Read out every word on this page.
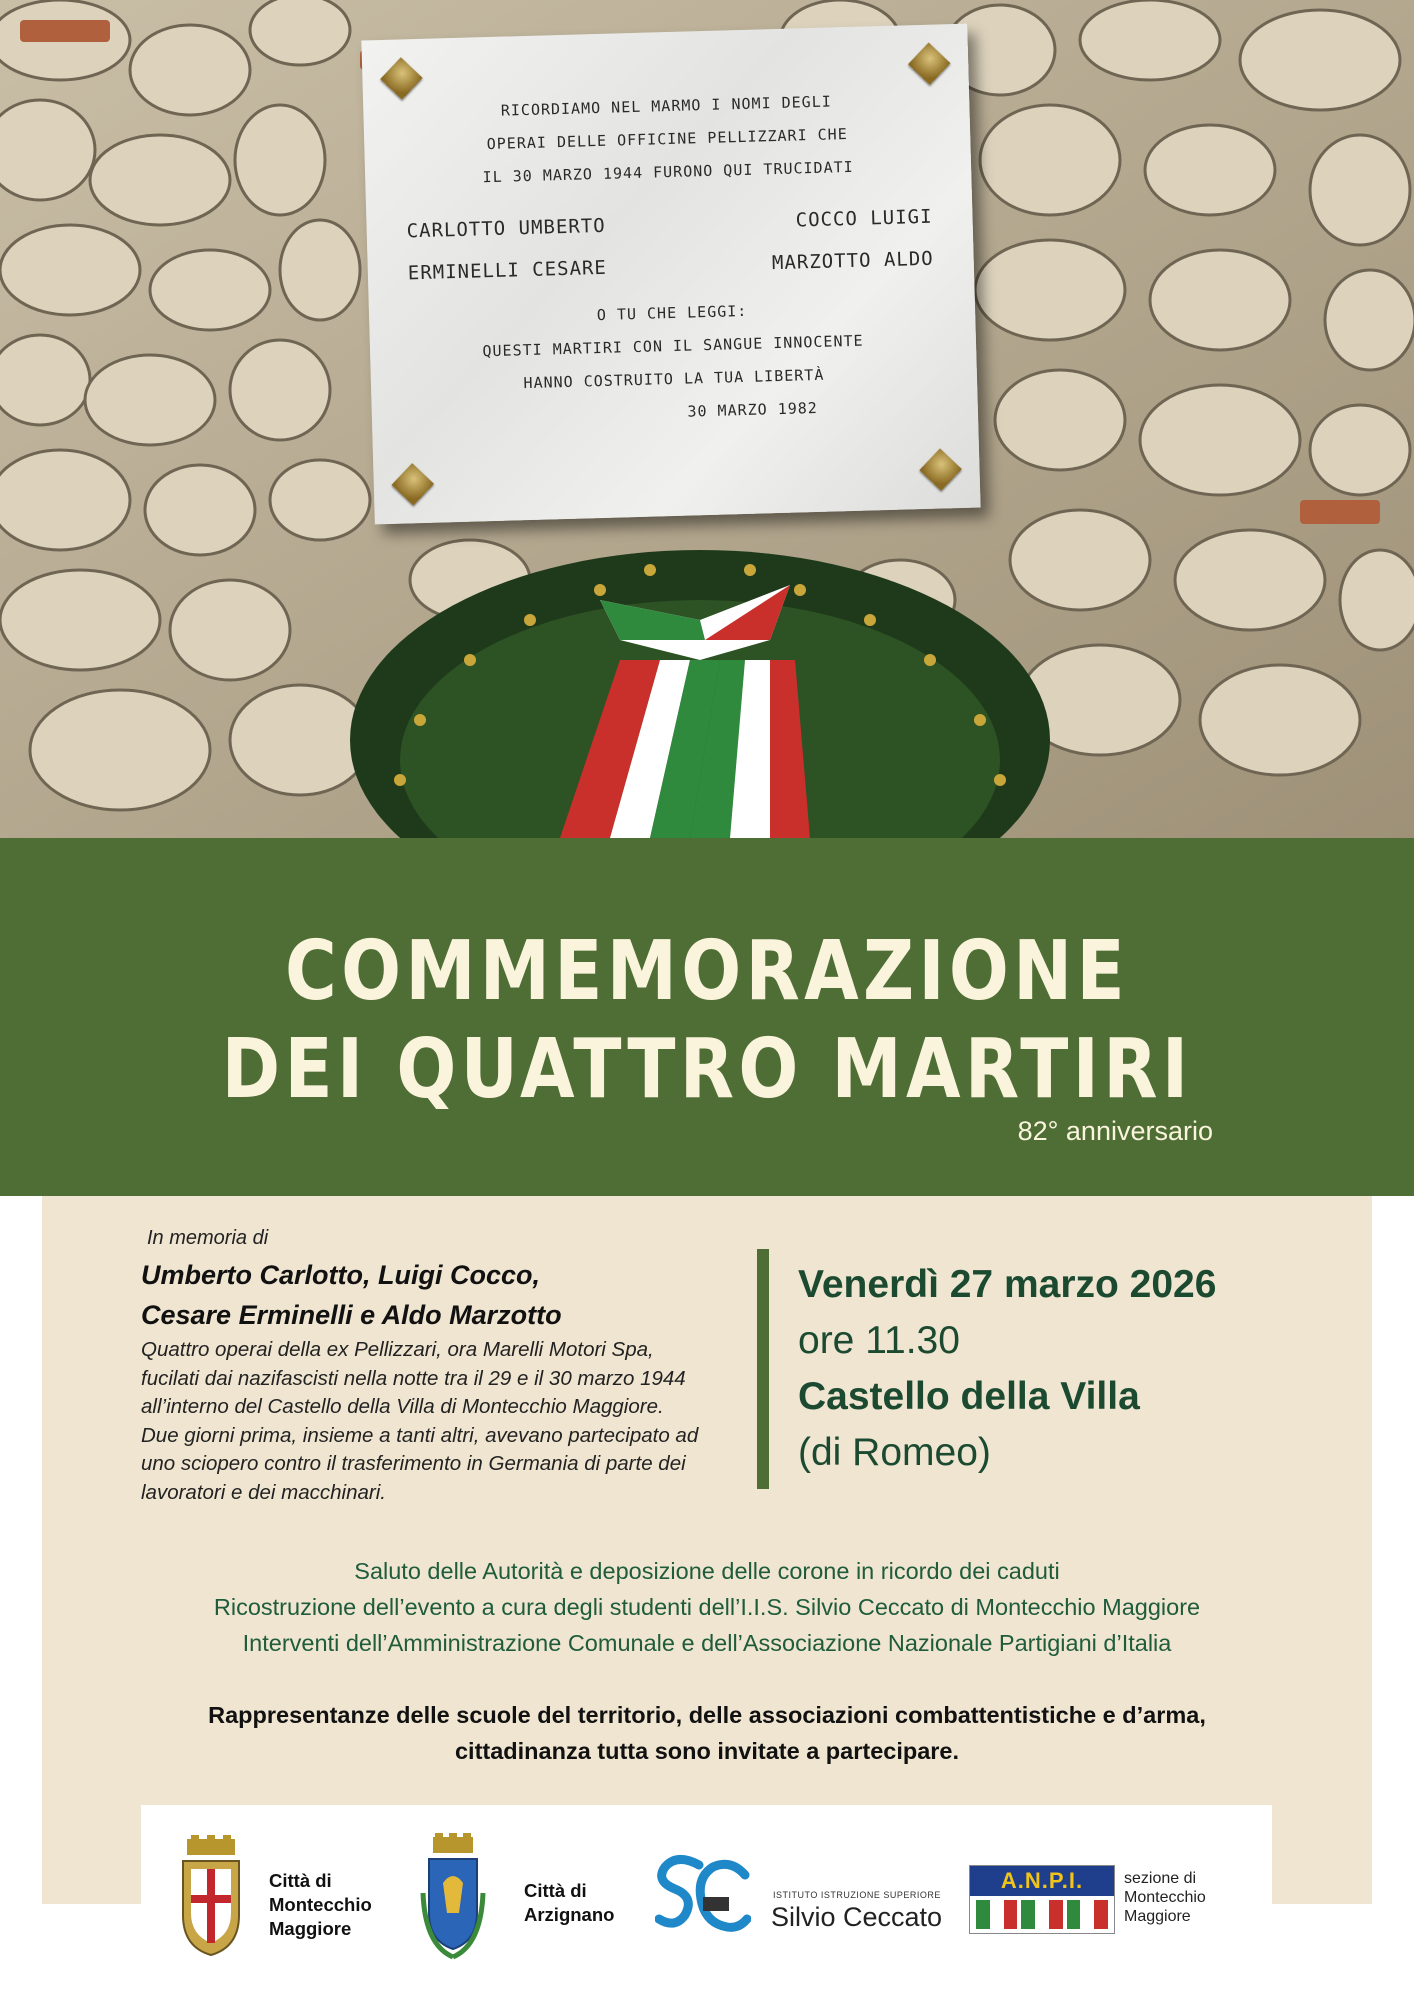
RICORDIAMO NEL MARMO I NOMI DEGLI
OPERAI DELLE OFFICINE PELLIZZARI CHE
IL 30 MARZO 1944 FURONO QUI TRUCIDATI
CARLOTTO UMBERTO	COCCO LUIGI
ERMINELLI CESARE	MARZOTTO ALDO
O TU CHE LEGGI:
QUESTI MARTIRI CON IL SANGUE INNOCENTE
HANNO COSTRUITO LA TUA LIBERTÀ
30 MARZO 1982
COMMEMORAZIONE
DEI QUATTRO MARTIRI
82° anniversario
In memoria di
Umberto Carlotto, Luigi Cocco,
Cesare Erminelli e Aldo Marzotto
Quattro operai della ex Pellizzari, ora Marelli Motori Spa, fucilati dai nazifascisti nella notte tra il 29 e il 30 marzo 1944 all’interno del Castello della Villa di Montecchio Maggiore. Due giorni prima, insieme a tanti altri, avevano partecipato ad uno sciopero contro il trasferimento in Germania di parte dei lavoratori e dei macchinari.
Venerdì 27 marzo 2026
ore 11.30
Castello della Villa
(di Romeo)
Saluto delle Autorità e deposizione delle corone in ricordo dei caduti
Ricostruzione dell’evento a cura degli studenti dell’I.I.S. Silvio Ceccato di Montecchio Maggiore
Interventi dell’Amministrazione Comunale e dell’Associazione Nazionale Partigiani d’Italia
Rappresentanze delle scuole del territorio, delle associazioni combattentistiche e d’arma,
cittadinanza tutta sono invitate a partecipare.
Città di
Montecchio
Maggiore
Città di
Arzignano
ISTITUTO ISTRUZIONE SUPERIORE
Silvio Ceccato
A.N.P.I.	sezione di
Montecchio
Maggiore
